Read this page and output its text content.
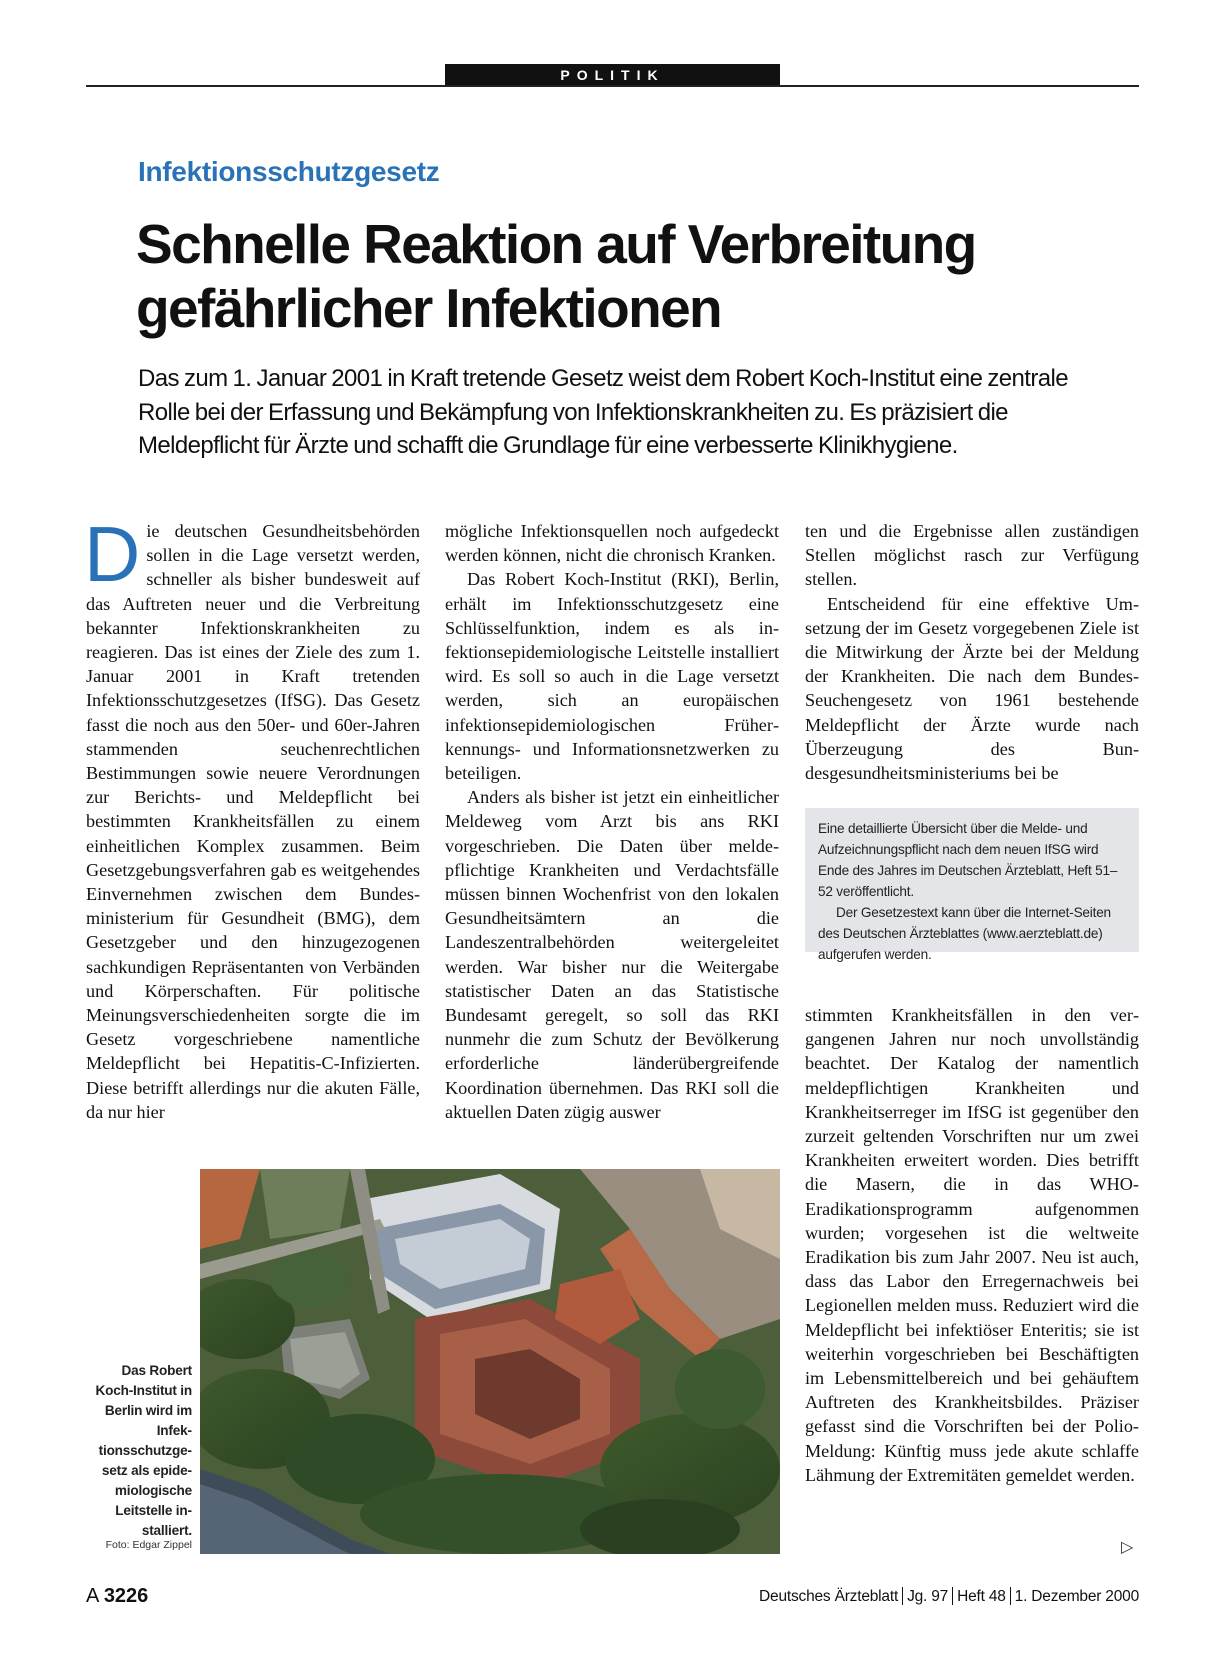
POLITIK
Infektionsschutzgesetz
Schnelle Reaktion auf Verbreitung
gefährlicher Infektionen

Das zum 1. Januar 2001 in Kraft tretende Gesetz weist dem Robert Koch-Institut eine zentrale Rolle bei der Erfassung und Bekämpfung von Infektionskrankheiten zu. Es präzisiert die Meldepflicht für Ärzte und schafft die Grundlage für eine verbesserte Klinikhygiene.

Die deutschen Gesundheitsbehörden sollen in die Lage versetzt werden, schneller als bisher bundesweit auf das Auftreten neuer und die Verbreitung bekannter Infektionskrankheiten zu reagieren. Das ist eines der Ziele des zum 1. Januar 2001 in Kraft tretenden Infektionsschutzgesetzes (IfSG). Das Gesetz fasst die noch aus den 50er- und 60er-Jahren stammenden seuchenrechtlichen Bestimmungen sowie neuere Verordnungen zur Berichts- und Meldepflicht bei bestimmten Krankheitsfällen zu einem einheitlichen Komplex zusammen. Beim Gesetzgebungsverfahren gab es weitgehendes Einvernehmen zwischen dem Bundesministerium für Gesundheit (BMG), dem Gesetzgeber und den hinzugezogenen sachkundigen Repräsentanten von Verbänden und Körperschaften. Für politische Meinungsverschiedenheiten sorgte die im Gesetz vorgeschriebene namentliche Meldepflicht bei Hepatitis-C-Infizierten. Diese betrifft allerdings nur die akuten Fälle, da nur hier

mögliche Infektionsquellen noch aufgedeckt werden können, nicht die chronisch Kranken.

Das Robert Koch-Institut (RKI), Berlin, erhält im Infektionsschutzgesetz eine Schlüsselfunktion, indem es als infektionsepidemiologische Leitstelle installiert wird. Es soll so auch in die Lage versetzt werden, sich an europäischen infektionsepidemiologischen Früherkennungs- und Informationsnetzwerken zu beteiligen.

Anders als bisher ist jetzt ein einheitlicher Meldeweg vom Arzt bis ans RKI vorgeschrieben. Die Daten über meldepflichtige Krankheiten und Verdachtsfälle müssen binnen Wochenfrist von den lokalen Gesundheitsämtern an die Landeszentralbehörden weitergeleitet werden. War bisher nur die Weitergabe statistischer Daten an das Statistische Bundesamt geregelt, so soll das RKI nunmehr die zum Schutz der Bevölkerung erforderliche länderübergreifende Koordination übernehmen. Das RKI soll die aktuellen Daten zügig auswer

ten und die Ergebnisse allen zuständigen Stellen möglichst rasch zur Verfügung stellen.

Entscheidend für eine effektive Umsetzung der im Gesetz vorgegebenen Ziele ist die Mitwirkung der Ärzte bei der Meldung der Krankheiten. Die nach dem Bundes-Seuchengesetz von 1961 bestehende Meldepflicht der Ärzte wurde nach Überzeugung des Bundesgesundheitsministeriums bei be

Eine detaillierte Übersicht über die Melde- und Aufzeichnungspflicht nach dem neuen IfSG wird Ende des Jahres im Deutschen Ärzteblatt, Heft 51–52 veröffentlicht.

Der Gesetzestext kann über die Internet-Seiten des Deutschen Ärzteblattes (www.aerzteblatt.de) aufgerufen werden.

stimmten Krankheitsfällen in den vergangenen Jahren nur noch unvollständig beachtet. Der Katalog der namentlich meldepflichtigen Krankheiten und Krankheitserreger im IfSG ist gegenüber den zurzeit geltenden Vorschriften nur um zwei Krankheiten erweitert worden. Dies betrifft die Masern, die in das WHO-Eradikationsprogramm aufgenommen wurden; vorgesehen ist die weltweite Eradikation bis zum Jahr 2007. Neu ist auch, dass das Labor den Erregernachweis bei Legionellen melden muss. Reduziert wird die Meldepflicht bei infektiöser Enteritis; sie ist weiterhin vorgeschrieben bei Beschäftigten im Lebensmittelbereich und bei gehäuftem Auftreten des Krankheitsbildes. Präziser gefasst sind die Vorschriften bei der Polio-Meldung: Künftig muss jede akute schlaffe Lähmung der Extremitäten gemeldet werden.

Das Robert Koch-Institut in Berlin wird im Infektionsschutzgesetz als epidemiologische Leitstelle installiert.
Foto: Edgar Zippel	▷
A 3226	Deutsches Ärzteblatt Jg. 97 Heft 48 1. Dezember 2000
